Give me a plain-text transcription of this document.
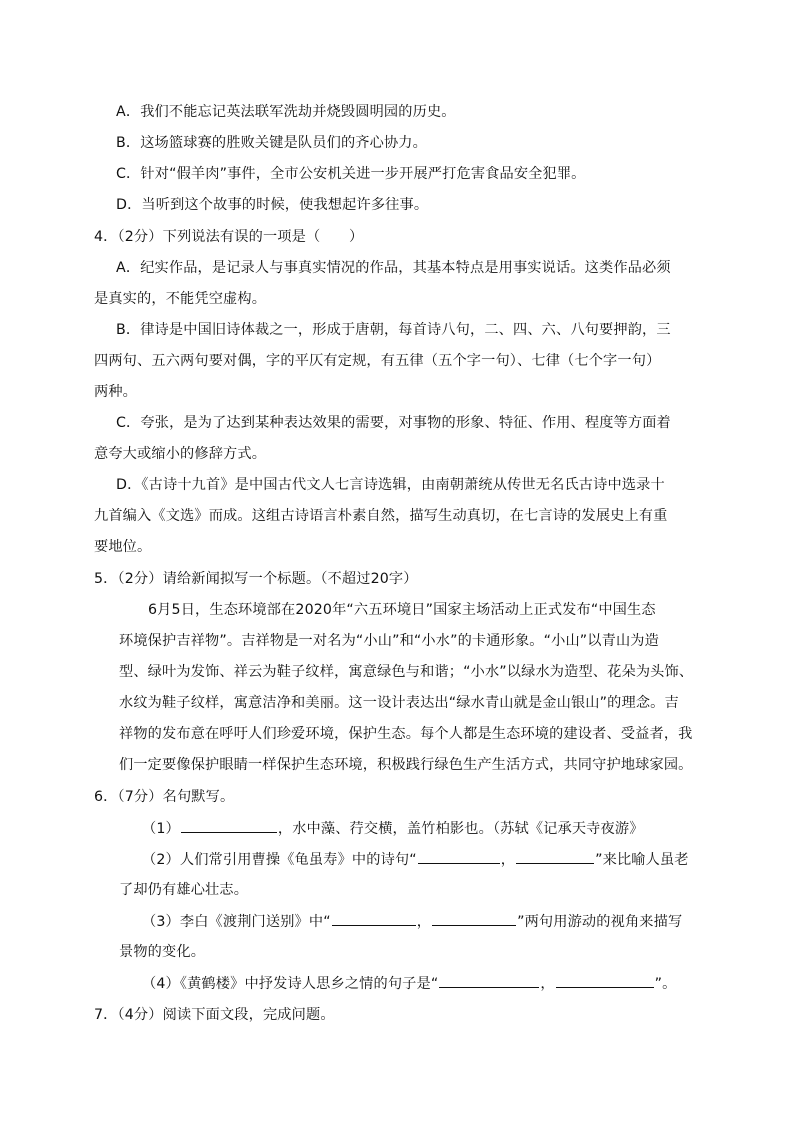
A．我们不能忘记英法联军洗劫并烧毁圆明园的历史。
B．这场篮球赛的胜败关键是队员们的齐心协力。
C．针对“假羊肉”事件，全市公安机关进一步开展严打危害食品安全犯罪。
D．当听到这个故事的时候，使我想起许多往事。
4．（2分）下列说法有误的一项是（　　）
A．纪实作品，是记录人与事真实情况的作品，其基本特点是用事实说话。这类作品必须
是真实的，不能凭空虚构。
B．律诗是中国旧诗体裁之一，形成于唐朝，每首诗八句，二、四、六、八句要押韵，三
四两句、五六两句要对偶，字的平仄有定规，有五律（五个字一句）、七律（七个字一句）
两种。
C．夸张，是为了达到某种表达效果的需要，对事物的形象、特征、作用、程度等方面着
意夸大或缩小的修辞方式。
D．《古诗十九首》是中国古代文人七言诗选辑，由南朝萧统从传世无名氏古诗中选录十
九首编入《文选》而成。这组古诗语言朴素自然，描写生动真切，在七言诗的发展史上有重
要地位。
5．（2分）请给新闻拟写一个标题。（不超过20字）
6月5日，生态环境部在2020年“六五环境日”国家主场活动上正式发布“中国生态
环境保护吉祥物”。吉祥物是一对名为“小山”和“小水”的卡通形象。“小山”以青山为造
型、绿叶为发饰、祥云为鞋子纹样，寓意绿色与和谐；“小水”以绿水为造型、花朵为头饰、
水纹为鞋子纹样，寓意洁净和美丽。这一设计表达出“绿水青山就是金山银山”的理念。吉
祥物的发布意在呼吁人们珍爱环境，保护生态。每个人都是生态环境的建设者、受益者，我
们一定要像保护眼睛一样保护生态环境，积极践行绿色生产生活方式，共同守护地球家园。
6．（7分）名句默写。
（1）	，水中藻、荇交横，盖竹柏影也。（苏轼《记承天寺夜游》
（2）人们常引用曹操《龟虽寿》中的诗句“	，	”来比喻人虽老
了却仍有雄心壮志。
（3）李白《渡荆门送别》中“	，	”两句用游动的视角来描写
景物的变化。
（4）《黄鹤楼》中抒发诗人思乡之情的句子是“	，	”。
7．（4分）阅读下面文段，完成问题。
